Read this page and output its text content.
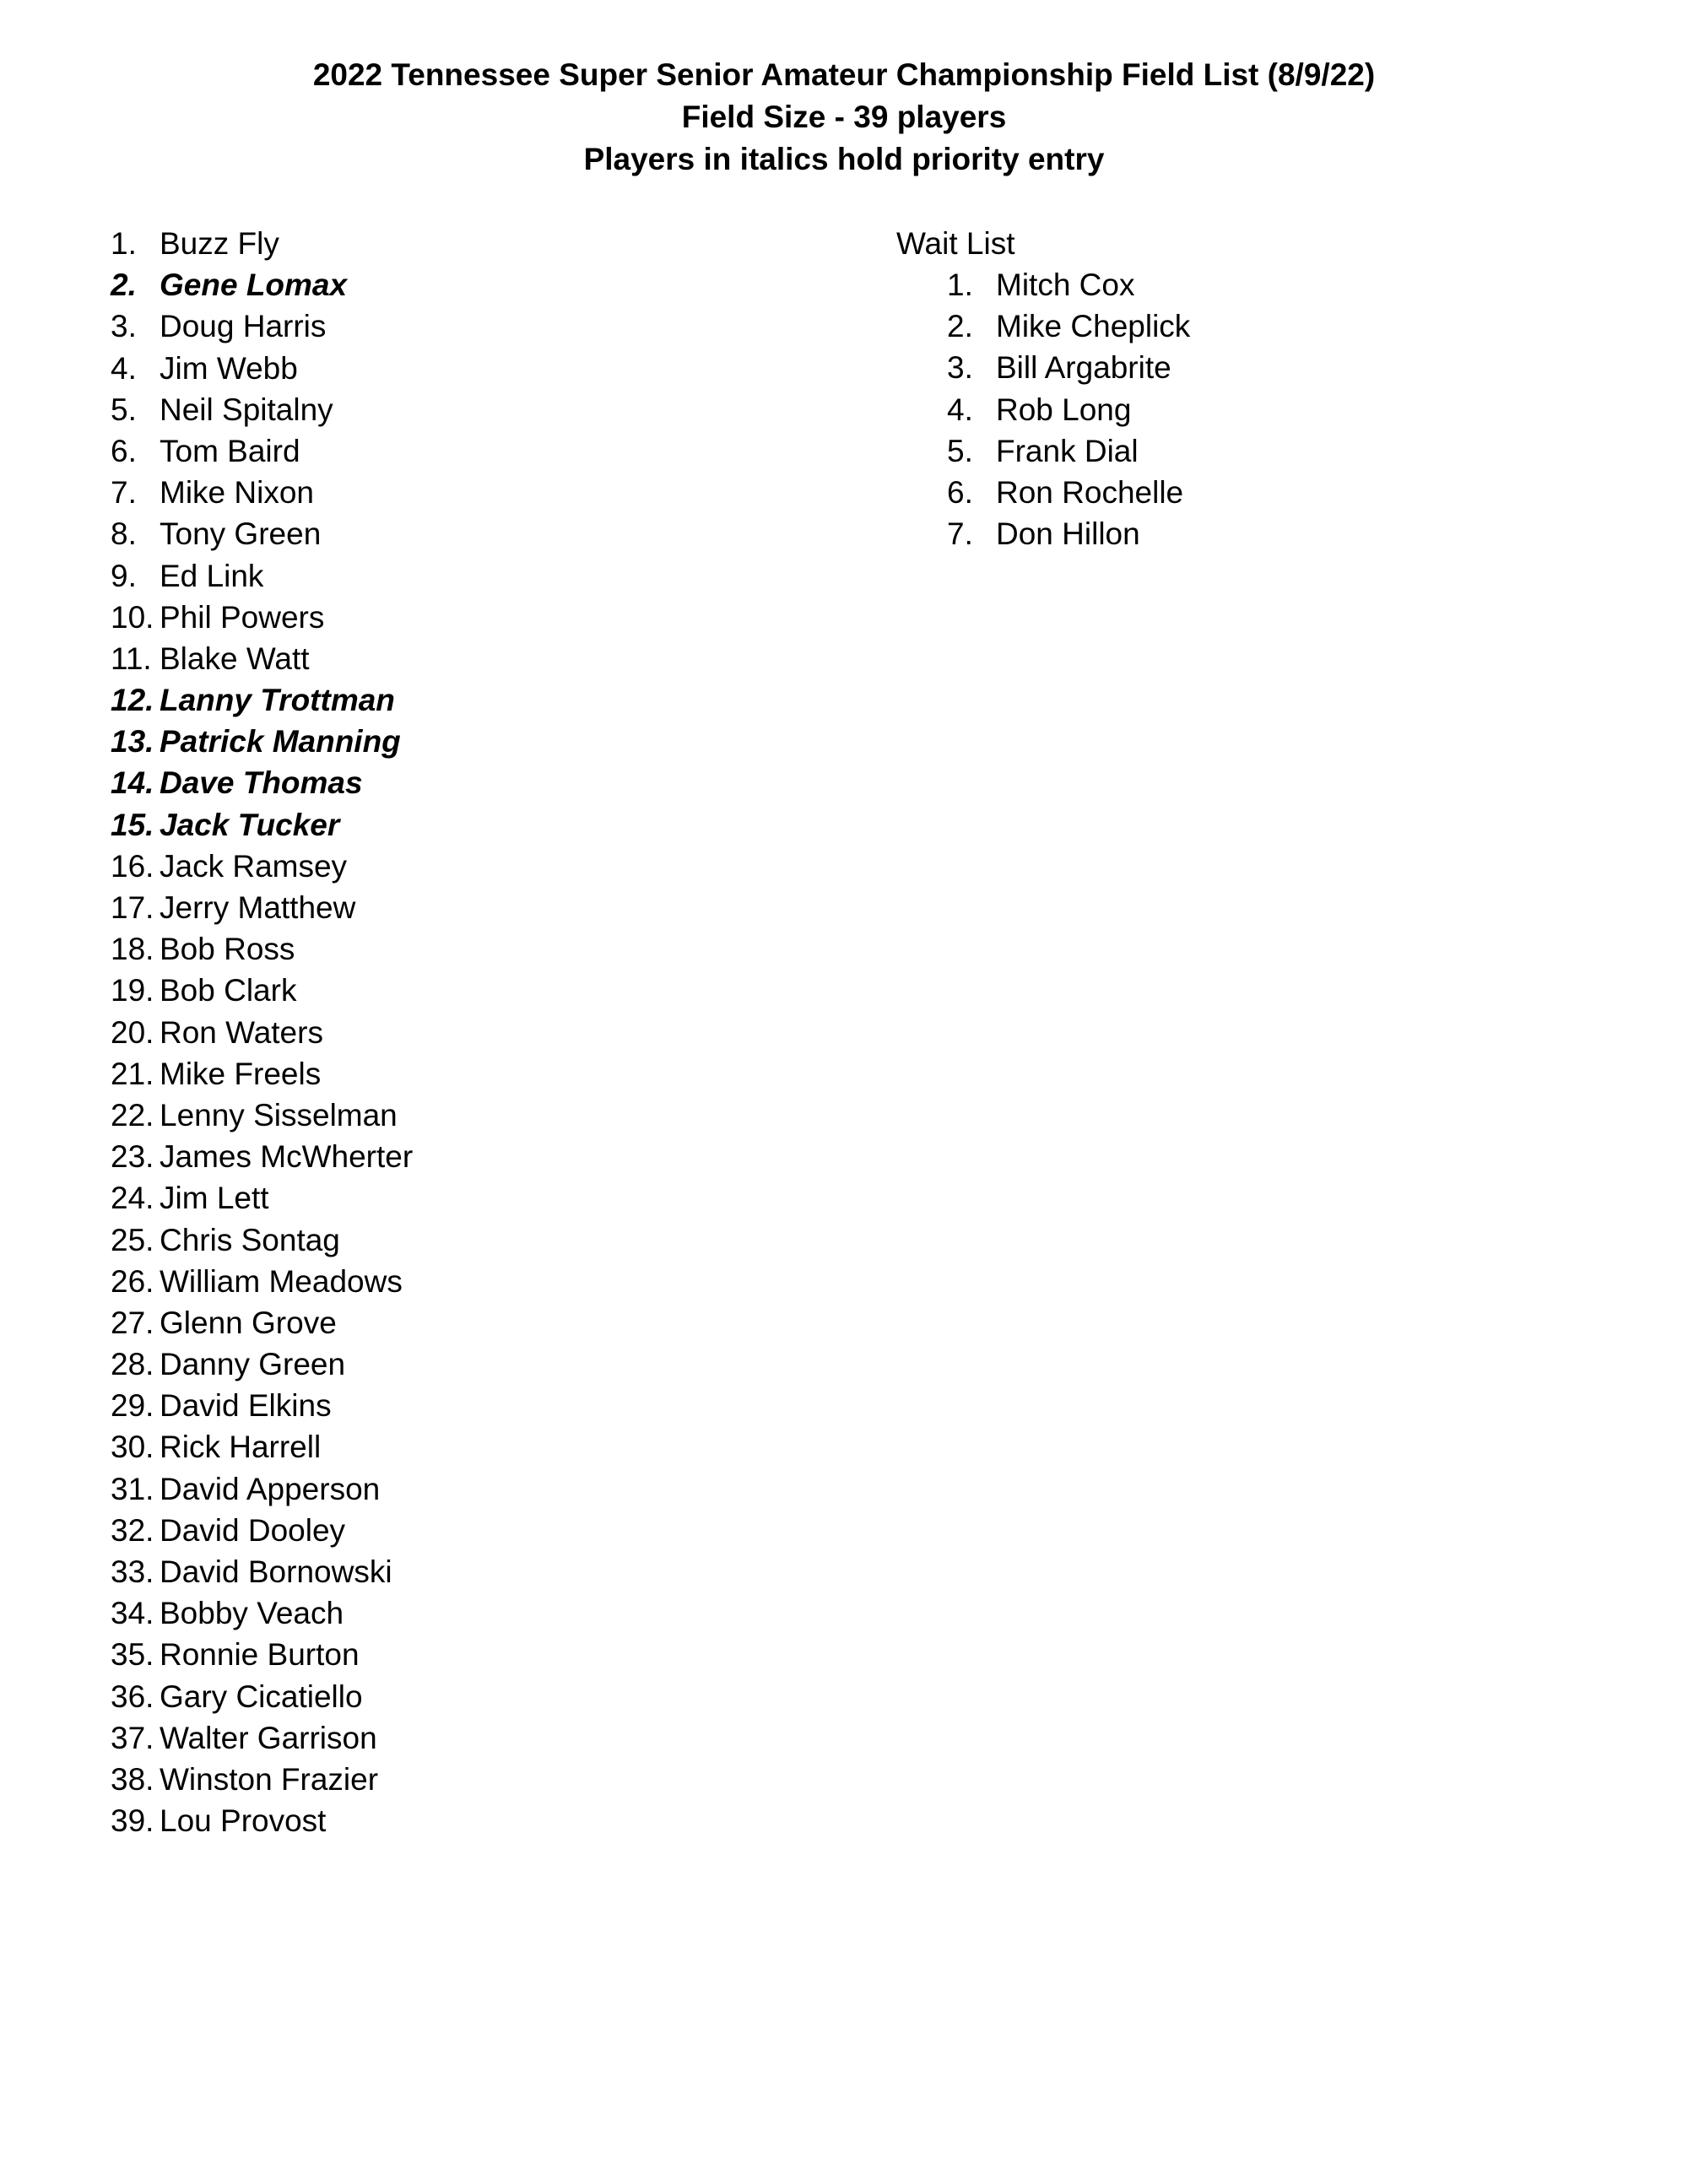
2022 Tennessee Super Senior Amateur Championship Field List (8/9/22)
Field Size - 39 players
Players in italics hold priority entry
1. Buzz Fly
2. Gene Lomax
3. Doug Harris
4. Jim Webb
5. Neil Spitalny
6. Tom Baird
7. Mike Nixon
8. Tony Green
9. Ed Link
10. Phil Powers
11. Blake Watt
12. Lanny Trottman
13. Patrick Manning
14. Dave Thomas
15. Jack Tucker
16. Jack Ramsey
17. Jerry Matthew
18. Bob Ross
19. Bob Clark
20. Ron Waters
21. Mike Freels
22. Lenny Sisselman
23. James McWherter
24. Jim Lett
25. Chris Sontag
26. William Meadows
27. Glenn Grove
28. Danny Green
29. David Elkins
30. Rick Harrell
31. David Apperson
32. David Dooley
33. David Bornowski
34. Bobby Veach
35. Ronnie Burton
36. Gary Cicatiello
37. Walter Garrison
38. Winston Frazier
39. Lou Provost
Wait List
1. Mitch Cox
2. Mike Cheplick
3. Bill Argabrite
4. Rob Long
5. Frank Dial
6. Ron Rochelle
7. Don Hillon
